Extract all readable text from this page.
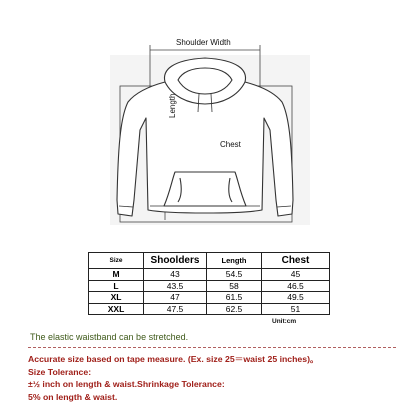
Shoulder Width
Length
Chest
Size	Shoolders	Length	Chest
M	43	54.5	45
L	43.5	58	46.5
XL	47	61.5	49.5
XXL	47.5	62.5	51
Unit:cm
The elastic waistband can be stretched.
Accurate size based on tape measure. (Ex. size 25＝waist 25 inches)。
Size Tolerance:
±½ inch on length & waist.Shrinkage Tolerance:
5% on length & waist.
